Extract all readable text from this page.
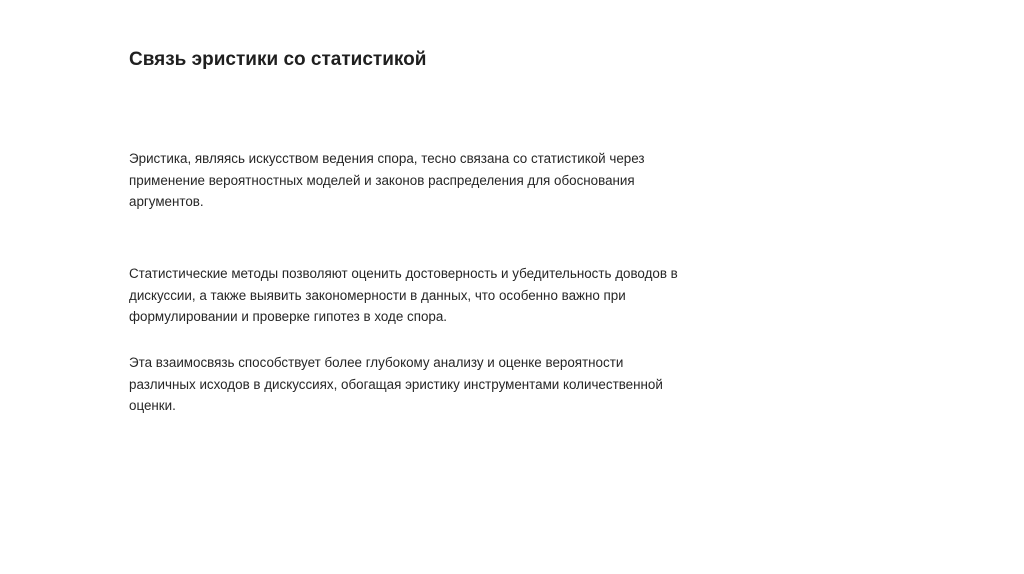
Связь эристики со статистикой

Эристика, являясь искусством ведения спора, тесно связана со статистикой через применение вероятностных моделей и законов распределения для обоснования аргументов.

Статистические методы позволяют оценить достоверность и убедительность доводов в дискуссии, а также выявить закономерности в данных, что особенно важно при формулировании и проверке гипотез в ходе спора.

Эта взаимосвязь способствует более глубокому анализу и оценке вероятности различных исходов в дискуссиях, обогащая эристику инструментами количественной оценки.
